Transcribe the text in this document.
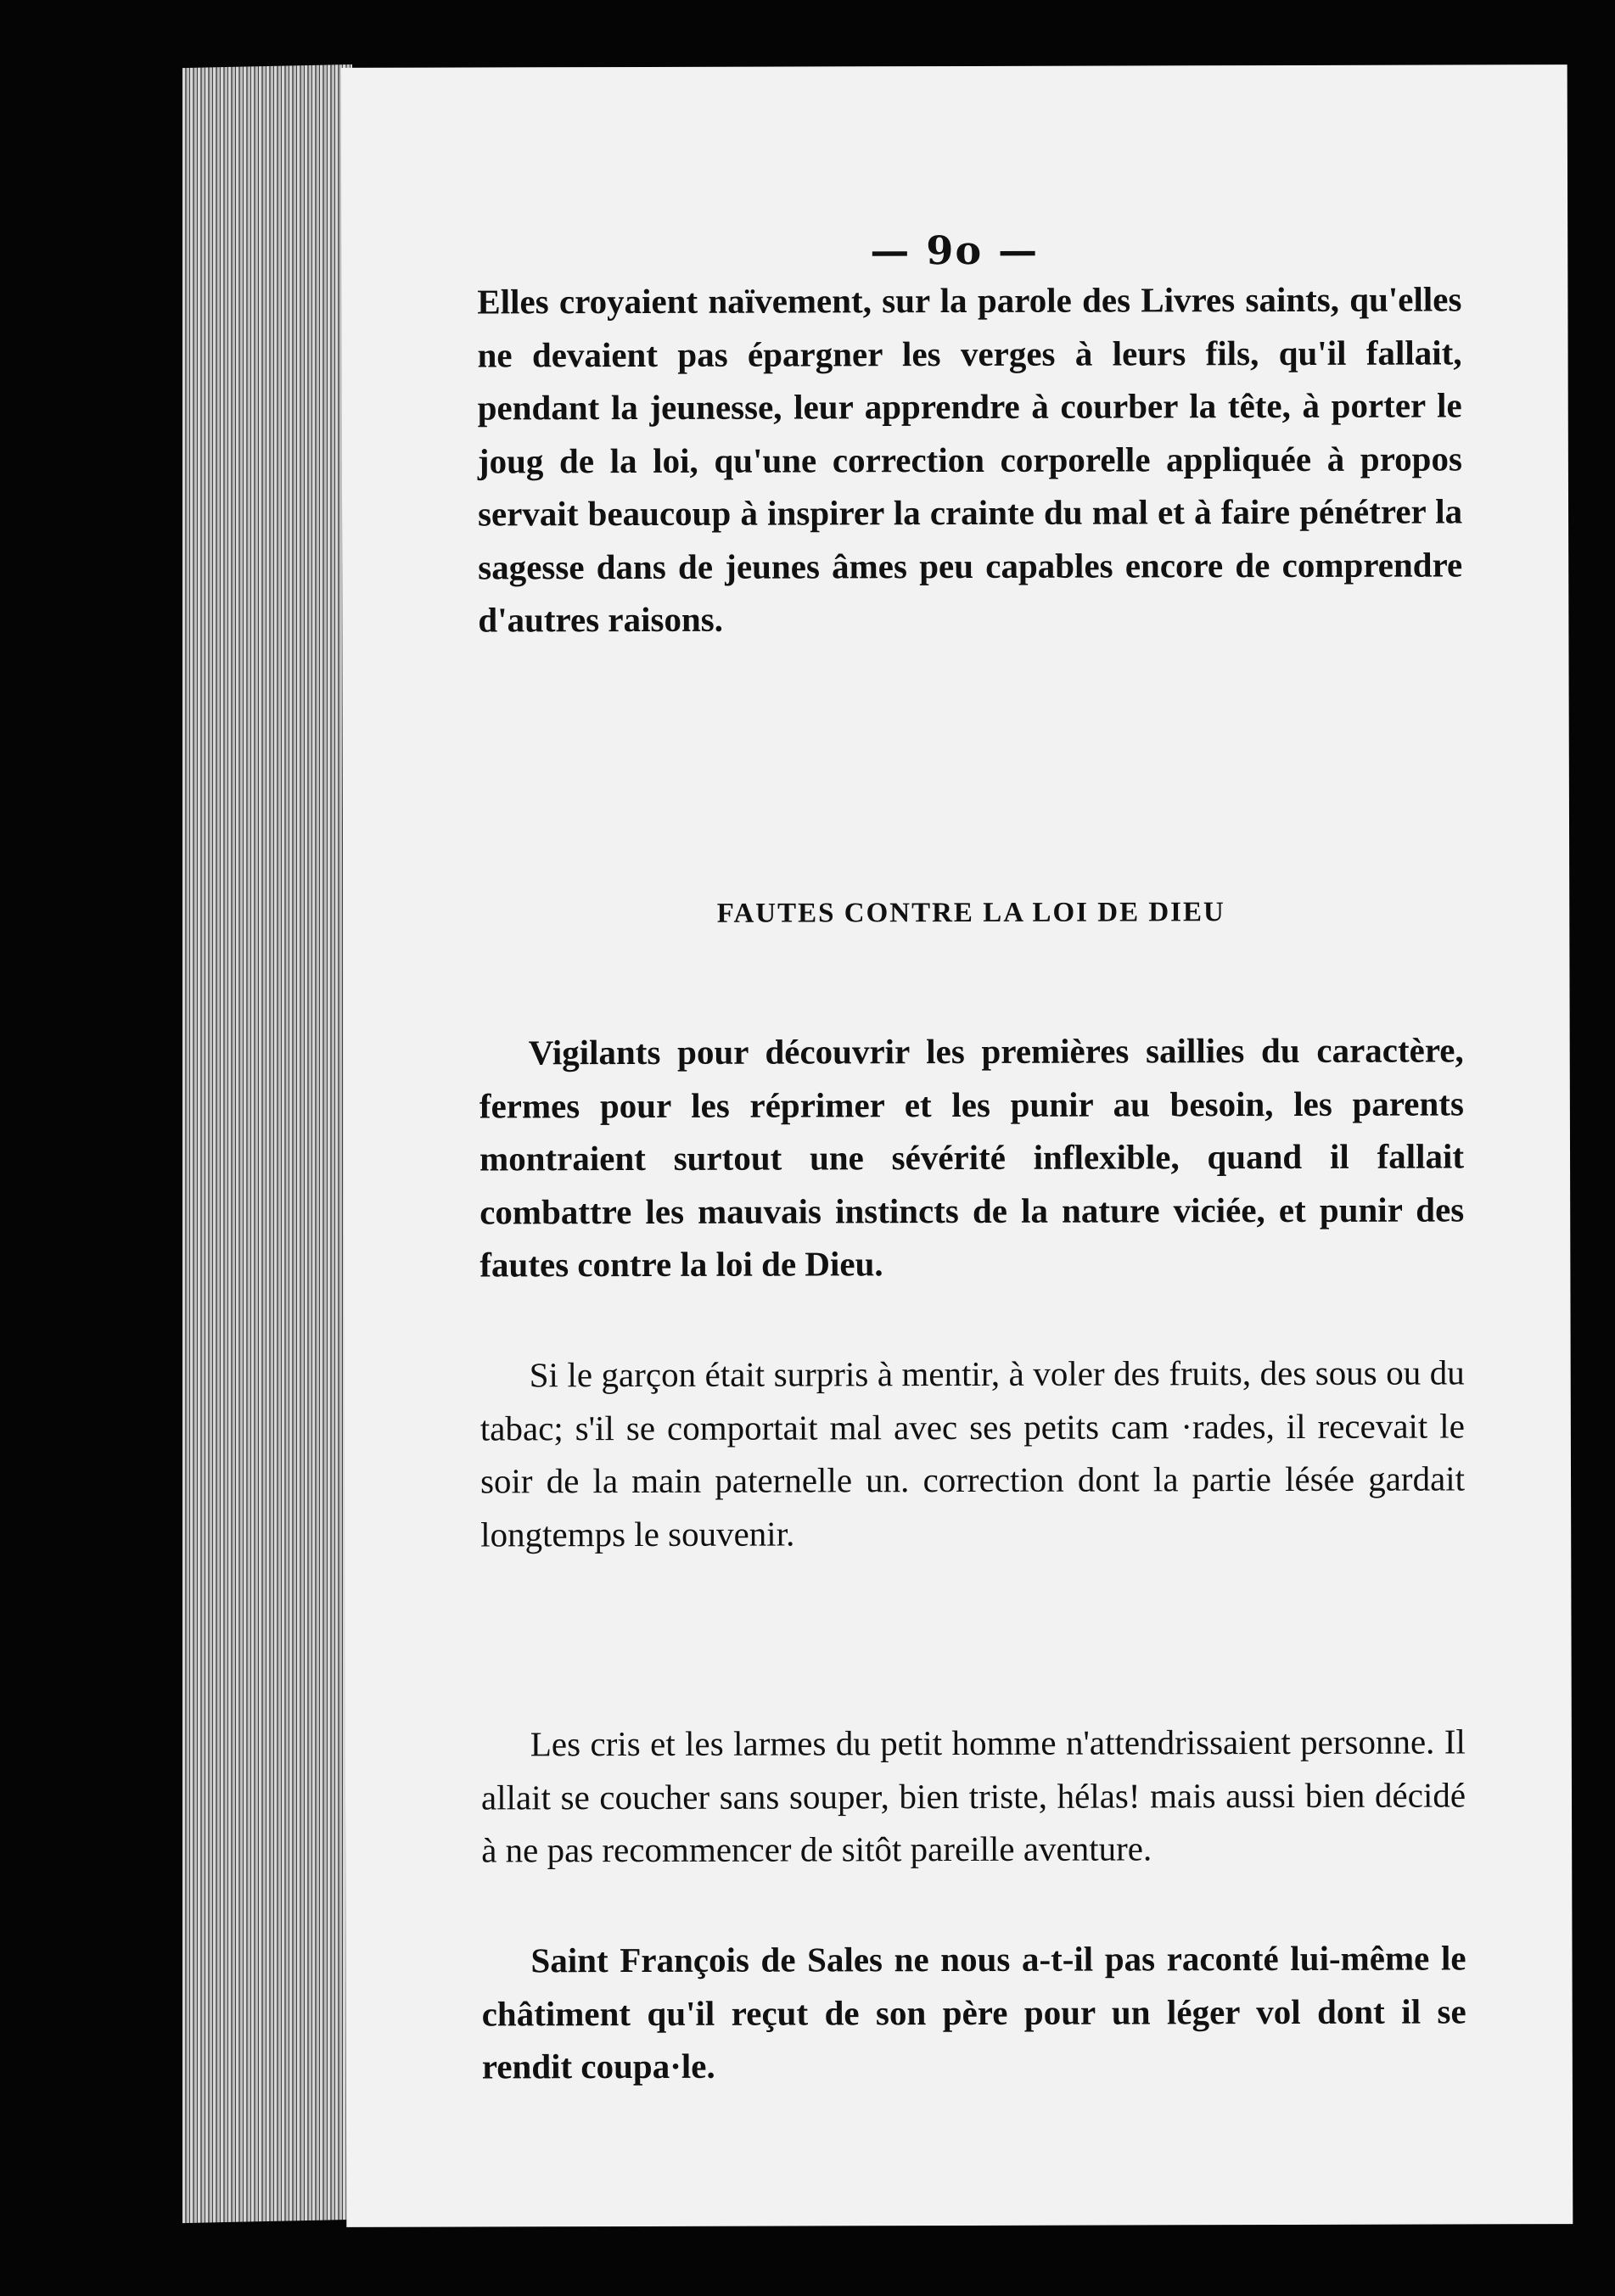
— 9o —

Elles croyaient naïvement, sur la parole des Livres saints, qu'elles ne devaient pas épargner les verges à leurs fils, qu'il fallait, pendant la jeunesse, leur apprendre à courber la tête, à porter le joug de la loi, qu'une correction corporelle appliquée à propos servait beaucoup à inspirer la crainte du mal et à faire pénétrer la sagesse dans de jeunes âmes peu capables encore de comprendre d'autres raisons.

FAUTES CONTRE LA LOI DE DIEU

Vigilants pour découvrir les premières saillies du caractère, fermes pour les réprimer et les punir au besoin, les parents montraient surtout une sévérité inflexible, quand il fallait combattre les mauvais instincts de la nature viciée, et punir des fautes contre la loi de Dieu.

Si le garçon était surpris à mentir, à voler des fruits, des sous ou du tabac; s'il se comportait mal avec ses petits cam ·rades, il recevait le soir de la main paternelle un. correction dont la partie lésée gardait longtemps le souvenir.

Les cris et les larmes du petit homme n'attendrissaient personne. Il allait se coucher sans souper, bien triste, hélas! mais aussi bien décidé à ne pas recommencer de sitôt pareille aventure.

Saint François de Sales ne nous a-t-il pas raconté lui-même le châtiment qu'il reçut de son père pour un léger vol dont il se rendit coupa·le.
